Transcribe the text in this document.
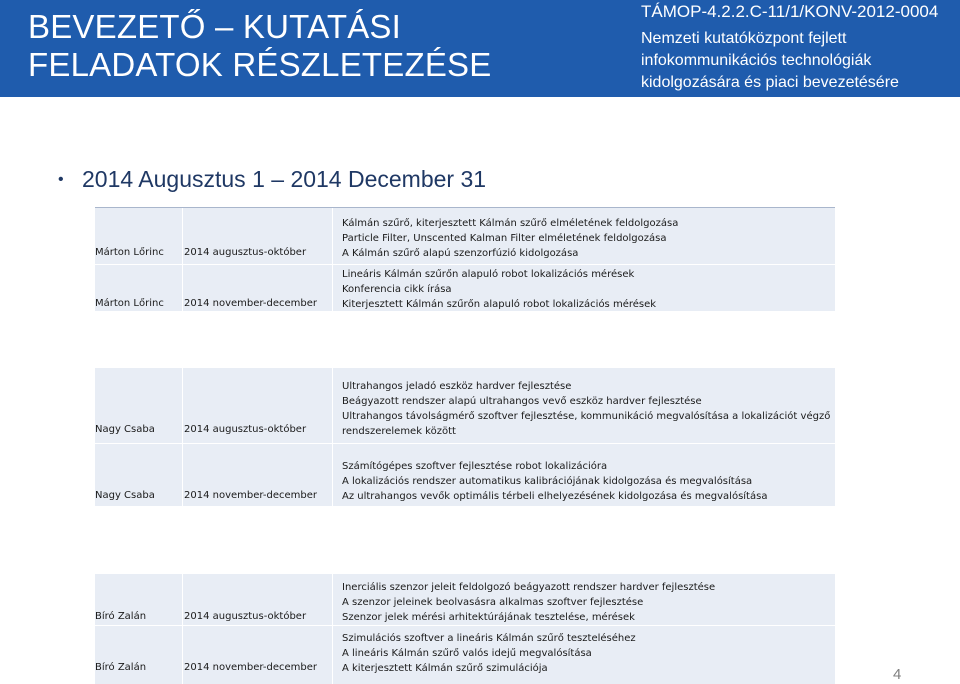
BEVEZETŐ – KUTATÁSI
FELADATOK RÉSZLETEZÉSE
TÁMOP-4.2.2.C-11/1/KONV-2012-0004
Nemzeti kutatóközpont fejlett
infokommunikációs technológiák
kidolgozására és piaci bevezetésére
• 2014 Augusztus 1 – 2014 December 31
Márton Lőrinc 2014 augusztus-október
Kálmán szűrő, kiterjesztett Kálmán szűrő elméletének feldolgozása
Particle Filter, Unscented Kalman Filter elméletének feldolgozása
A Kálmán szűrő alapú szenzorfúzió kidolgozása
Márton Lőrinc 2014 november-december
Lineáris Kálmán szűrőn alapuló robot lokalizációs mérések
Konferencia cikk írása
Kiterjesztett Kálmán szűrőn alapuló robot lokalizációs mérések
Nagy Csaba	2014 augusztus-október
Ultrahangos jeladó eszköz hardver fejlesztése
Beágyazott rendszer alapú ultrahangos vevő eszköz hardver fejlesztése
Ultrahangos távolságmérő szoftver fejlesztése, kommunikáció megvalósítása a lokalizációt végző
rendszerelemek között
Nagy Csaba	2014 november-december
Számítógépes szoftver fejlesztése robot lokalizációra
A lokalizációs rendszer automatikus kalibrációjának kidolgozása és megvalósítása
Az ultrahangos vevők optimális térbeli elhelyezésének kidolgozása és megvalósítása
Bíró Zalán	2014 augusztus-október
Inerciális szenzor jeleit feldolgozó beágyazott rendszer hardver fejlesztése
A szenzor jeleinek beolvasásra alkalmas szoftver fejlesztése
Szenzor jelek mérési arhitektúrájának tesztelése, mérések
Bíró Zalán	2014 november-december
Szimulációs szoftver a lineáris Kálmán szűrő teszteléséhez
A lineáris Kálmán szűrő valós idejű megvalósítása
A kiterjesztett Kálmán szűrő szimulációja	4
